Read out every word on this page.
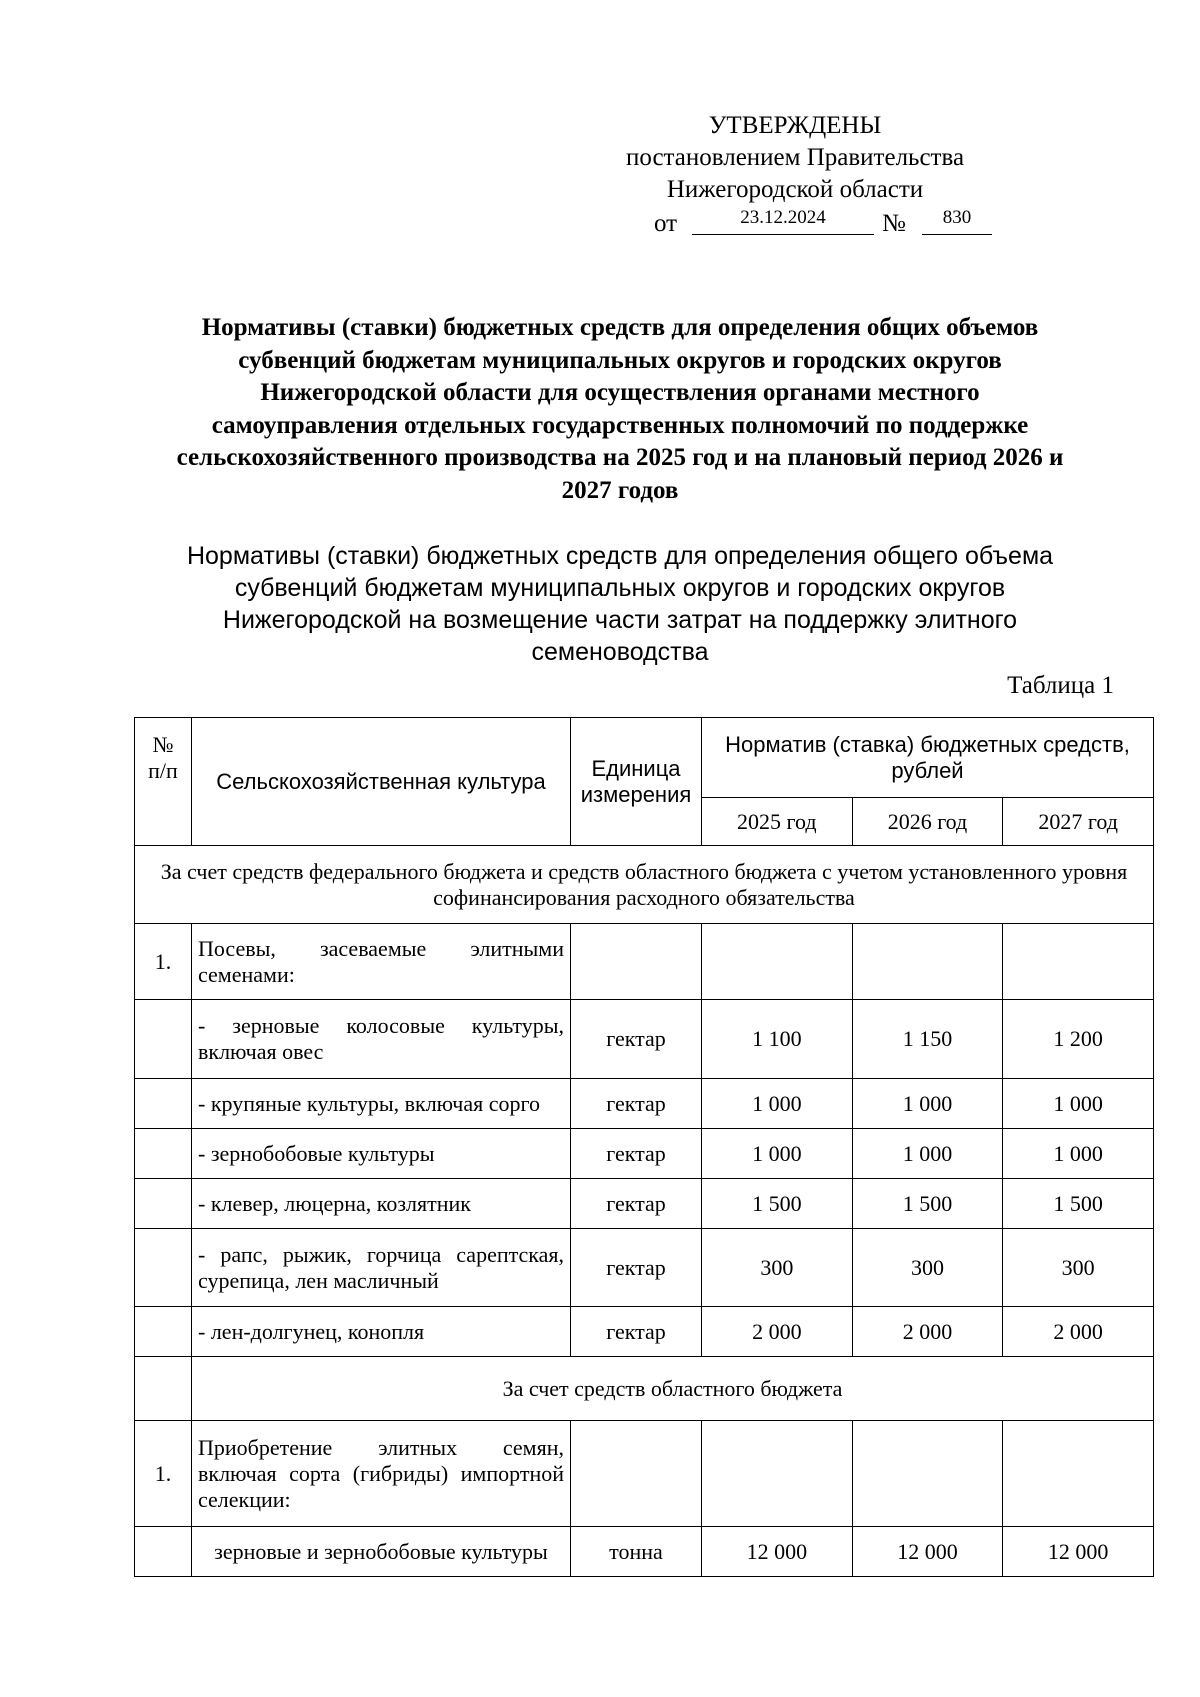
УТВЕРЖДЕНЫ
постановлением Правительства
Нижегородской области
от	23.12.2024	№	830
Нормативы (ставки) бюджетных средств для определения общих объемов субвенций бюджетам муниципальных округов и городских округов Нижегородской области для осуществления органами местного самоуправления отдельных государственных полномочий по поддержке сельскохозяйственного производства на 2025 год и на плановый период 2026 и 2027 годов
Нормативы (ставки) бюджетных средств для определения общего объема субвенций бюджетам муниципальных округов и городских округов Нижегородской на возмещение части затрат на поддержку элитного семеноводства
Таблица 1
№ п/п	Сельскохозяйственная культура	Единица измерения	Норматив (ставка) бюджетных средств, рублей		
			2025 год	2026 год	2027 год
За счет средств федерального бюджета и средств областного бюджета с учетом установленного уровня софинансирования расходного обязательства					
1.	Посевы, засеваемые элитными семенами:				
	- зерновые колосовые культуры, включая овес	гектар	1 100	1 150	1 200
	- крупяные культуры, включая сорго	гектар	1 000	1 000	1 000
	- зернобобовые культуры	гектар	1 000	1 000	1 000
	- клевер, люцерна, козлятник	гектар	1 500	1 500	1 500
	- рапс, рыжик, горчица сарептская, сурепица, лен масличный	гектар	300	300	300
	- лен-долгунец, конопля	гектар	2 000	2 000	2 000
	За счет средств областного бюджета				
1.	Приобретение элитных семян, включая сорта (гибриды) импортной селекции:				
	зерновые и зернобобовые культуры	тонна	12 000	12 000	12 000
